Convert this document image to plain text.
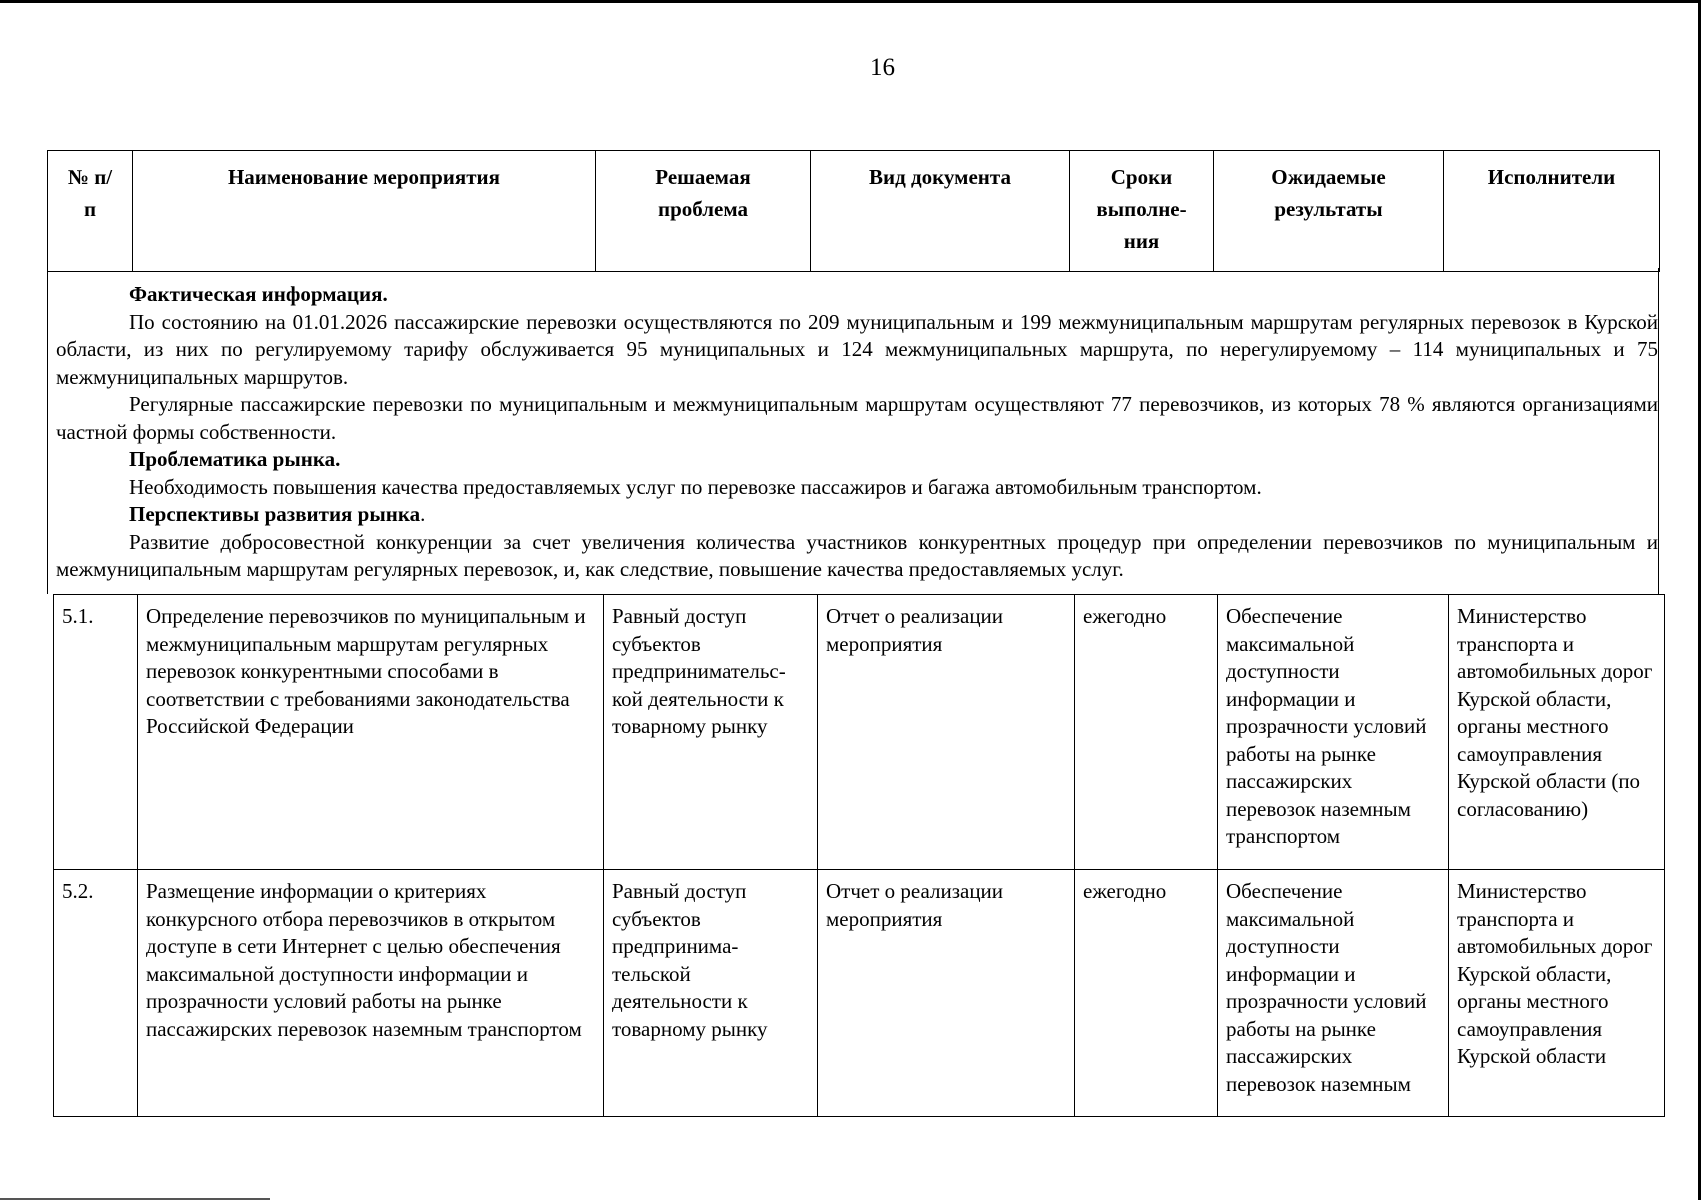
16
№ п/п	Наименование мероприятия	Решаемая проблема	Вид документа	Сроки выполне- ния	Ожидаемые результаты	Исполнители

Фактическая информация.

По состоянию на 01.01.2026 пассажирские перевозки осуществляются по 209 муниципальным и 199 межмуниципальным маршрутам регулярных перевозок в Курской области, из них по регулируемому тарифу обслуживается 95 муниципальных и 124 межмуниципальных маршрута, по нерегулируемому – 114 муниципальных и 75 межмуниципальных маршрутов.

Регулярные пассажирские перевозки по муниципальным и межмуниципальным маршрутам осуществляют 77 перевозчиков, из которых 78 % являются организациями частной формы собственности.

Проблематика рынка.

Необходимость повышения качества предоставляемых услуг по перевозке пассажиров и багажа автомобильным транспортом.

Перспективы развития рынка.

Развитие добросовестной конкуренции за счет увеличения количества участников конкурентных процедур при определении перевозчиков по муниципальным и межмуниципальным маршрутам регулярных перевозок, и, как следствие, повышение качества предоставляемых услуг.

5.1.	Определение перевозчиков по муниципальным и межмуниципальным маршрутам регулярных перевозок конкурентными способами в соответствии с требованиями законодательства Российской Федерации	Равный доступ субъектов предпринимательс- кой деятельности к товарному рынку	Отчет о реализации мероприятия	ежегодно	Обеспечение максимальной доступности информации и прозрачности условий работы на рынке пассажирских перевозок наземным транспортом	Министерство транспорта и автомобильных дорог Курской области, органы местного самоуправления Курской области (по согласованию)
5.2.	Размещение информации о критериях конкурсного отбора перевозчиков в открытом доступе в сети Интернет с целью обеспечения максимальной доступности информации и прозрачности условий работы на рынке пассажирских перевозок наземным транспортом	Равный доступ субъектов предпринима- тельской деятельности к товарному рынку	Отчет о реализации мероприятия	ежегодно	Обеспечение максимальной доступности информации и прозрачности условий работы на рынке пассажирских перевозок наземным	Министерство транспорта и автомобильных дорог Курской области, органы местного самоуправления Курской области
